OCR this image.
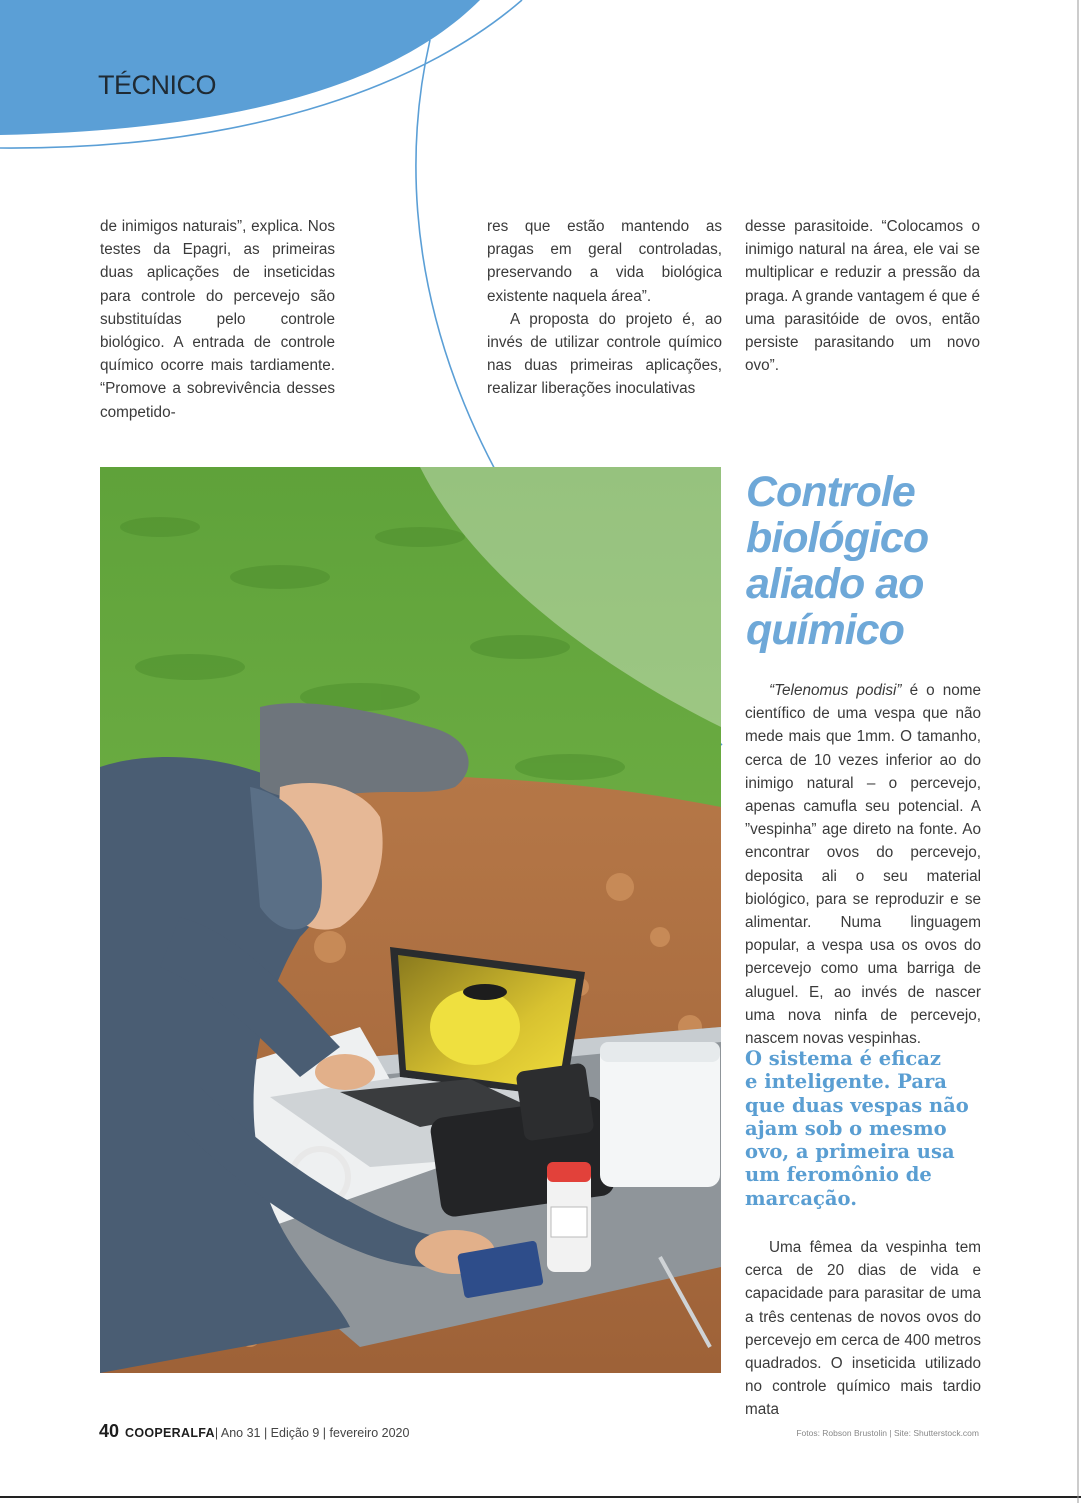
TÉCNICO

de inimigos naturais”, explica. Nos testes da Epagri, as primeiras duas aplicações de inseticidas para controle do percevejo são substituídas pelo controle biológico. A entrada de controle químico ocorre mais tardiamente. “Promove a sobrevivência desses competido-

res que estão mantendo as pragas em geral controladas, preservando a vida biológica existente naquela área”.

A proposta do projeto é, ao invés de utilizar controle químico nas duas primeiras aplicações, realizar liberações inoculativas

desse parasitoide. “Colocamos o inimigo natural na área, ele vai se multiplicar e reduzir a pressão da praga. A grande vantagem é que é uma parasitóide de ovos, então persiste parasitando um novo ovo”.

Controle
biológico
aliado ao
químico

“Telenomus podisi” é o nome científico de uma vespa que não mede mais que 1mm. O tamanho, cerca de 10 vezes inferior ao do inimigo natural – o percevejo, apenas camufla seu potencial. A ”vespinha” age direto na fonte. Ao encontrar ovos do percevejo, deposita ali o seu material biológico, para se reproduzir e se alimentar. Numa linguagem popular, a vespa usa os ovos do percevejo como uma barriga de aluguel. E, ao invés de nascer uma nova ninfa de percevejo, nascem novas vespinhas.

O sistema é eficaz
e inteligente. Para
que duas vespas não
ajam sob o mesmo
ovo, a primeira usa
um feromônio de
marcação.

Uma fêmea da vespinha tem cerca de 20 dias de vida e capacidade para parasitar de uma a três centenas de novos ovos do percevejo em cerca de 400 metros quadrados. O inseticida utilizado no controle químico mais tardio mata

40 COOPERALFA| Ano 31 | Edição 9 | fevereiro 2020	Fotos: Robson Brustolin | Site: Shutterstock.com
